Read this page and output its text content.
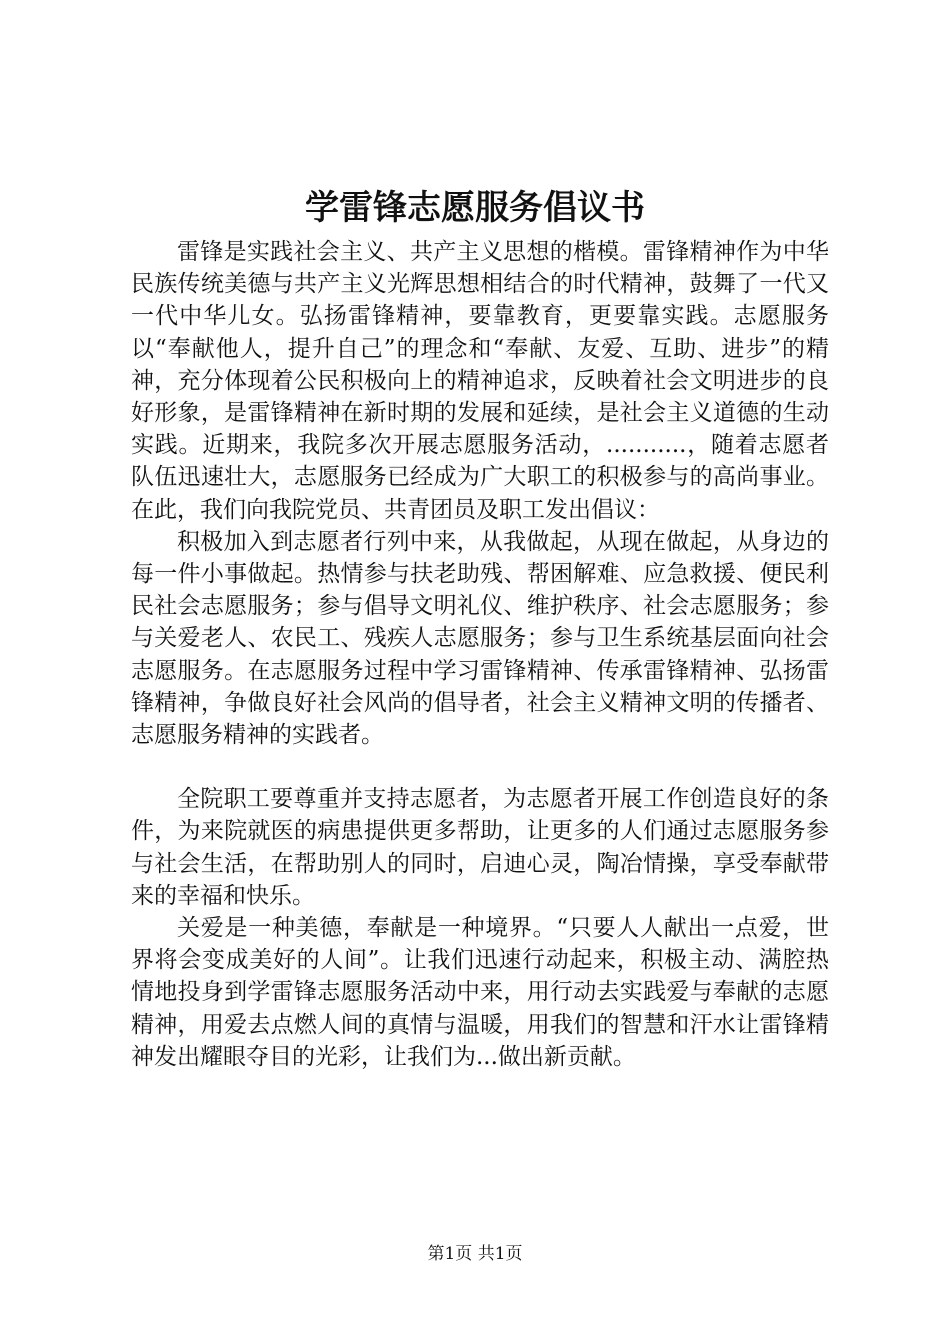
学雷锋志愿服务倡议书

雷锋是实践社会主义、共产主义思想的楷模。雷锋精神作为中华民族传统美德与共产主义光辉思想相结合的时代精神，鼓舞了一代又一代中华儿女。弘扬雷锋精神，要靠教育，更要靠实践。志愿服务以“奉献他人，提升自己”的理念和“奉献、友爱、互助、进步”的精神，充分体现着公民积极向上的精神追求，反映着社会文明进步的良好形象，是雷锋精神在新时期的发展和延续，是社会主义道德的生动实践。近期来，我院多次开展志愿服务活动，...........，随着志愿者队伍迅速壮大，志愿服务已经成为广大职工的积极参与的高尚事业。在此，我们向我院党员、共青团员及职工发出倡议：

积极加入到志愿者行列中来，从我做起，从现在做起，从身边的每一件小事做起。热情参与扶老助残、帮困解难、应急救援、便民利民社会志愿服务；参与倡导文明礼仪、维护秩序、社会志愿服务；参与关爱老人、农民工、残疾人志愿服务；参与卫生系统基层面向社会志愿服务。在志愿服务过程中学习雷锋精神、传承雷锋精神、弘扬雷锋精神，争做良好社会风尚的倡导者，社会主义精神文明的传播者、志愿服务精神的实践者。

全院职工要尊重并支持志愿者，为志愿者开展工作创造良好的条件，为来院就医的病患提供更多帮助，让更多的人们通过志愿服务参与社会生活，在帮助别人的同时，启迪心灵，陶冶情操，享受奉献带来的幸福和快乐。

关爱是一种美德，奉献是一种境界。“只要人人献出一点爱，世界将会变成美好的人间”。让我们迅速行动起来，积极主动、满腔热情地投身到学雷锋志愿服务活动中来，用行动去实践爱与奉献的志愿精神，用爱去点燃人间的真情与温暖，用我们的智慧和汗水让雷锋精神发出耀眼夺目的光彩，让我们为...做出新贡献。

第1页 共1页
